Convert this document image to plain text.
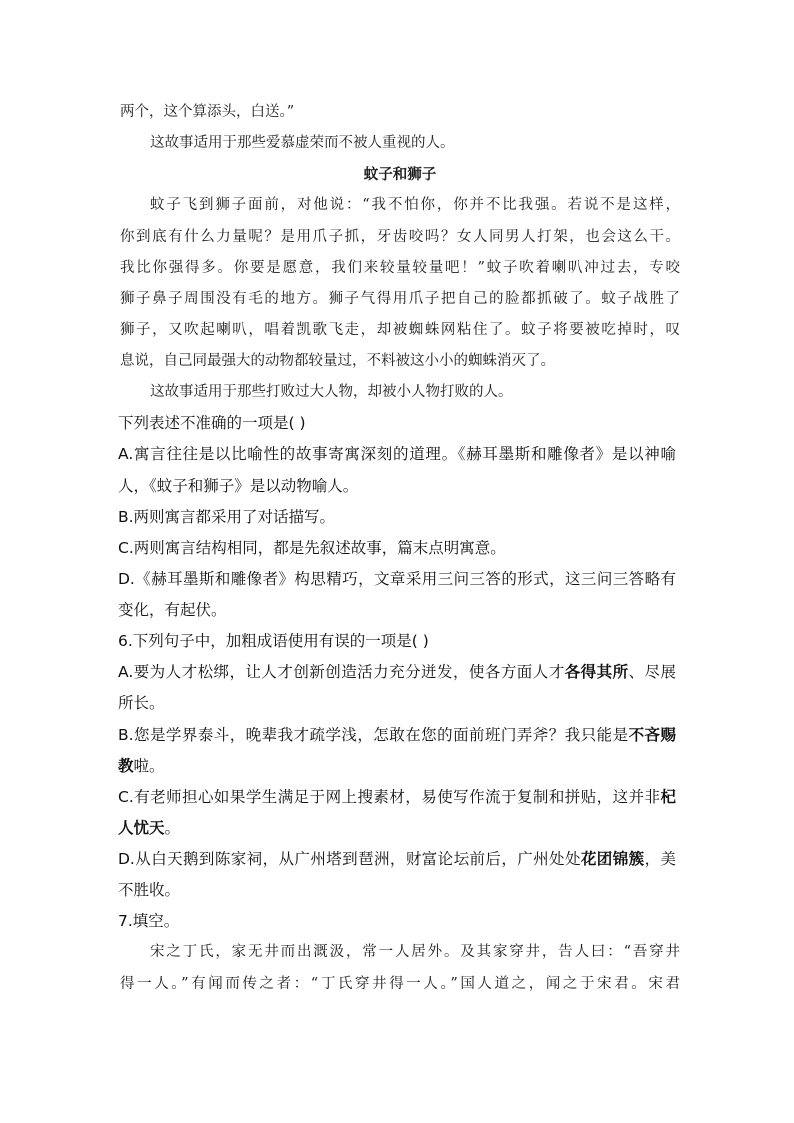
两个，这个算添头，白送。”
这故事适用于那些爱慕虚荣而不被人重视的人。
蚊子和狮子
蚊子飞到狮子面前，对他说：“我不怕你，你并不比我强。若说不是这样，
你到底有什么力量呢？是用爪子抓，牙齿咬吗？女人同男人打架，也会这么干。
我比你强得多。你要是愿意，我们来较量较量吧！”蚊子吹着喇叭冲过去，专咬
狮子鼻子周围没有毛的地方。狮子气得用爪子把自己的脸都抓破了。蚊子战胜了
狮子，又吹起喇叭，唱着凯歌飞走，却被蜘蛛网粘住了。蚊子将要被吃掉时，叹
息说，自己同最强大的动物都较量过，不料被这小小的蜘蛛消灭了。
这故事适用于那些打败过大人物，却被小人物打败的人。
下列表述不准确的一项是( )
A.寓言往往是以比喻性的故事寄寓深刻的道理。《赫耳墨斯和雕像者》是以神喻
人，《蚊子和狮子》是以动物喻人。
B.两则寓言都采用了对话描写。
C.两则寓言结构相同，都是先叙述故事，篇末点明寓意。
D.《赫耳墨斯和雕像者》构思精巧，文章采用三问三答的形式，这三问三答略有
变化，有起伏。
6.下列句子中，加粗成语使用有误的一项是( )
A.要为人才松绑，让人才创新创造活力充分迸发，使各方面人才各得其所、尽展
所长。
B.您是学界泰斗，晚辈我才疏学浅，怎敢在您的面前班门弄斧？我只能是不吝赐
教啦。
C.有老师担心如果学生满足于网上搜素材，易使写作流于复制和拼贴，这并非杞
人忧天。
D.从白天鹅到陈家祠，从广州塔到琶洲，财富论坛前后，广州处处花团锦簇，美
不胜收。
7.填空。
宋之丁氏，家无井而出溉汲，常一人居外。及其家穿井，告人曰：“吾穿井
得一人。”有闻而传之者：“丁氏穿井得一人。”国人道之，闻之于宋君。宋君
